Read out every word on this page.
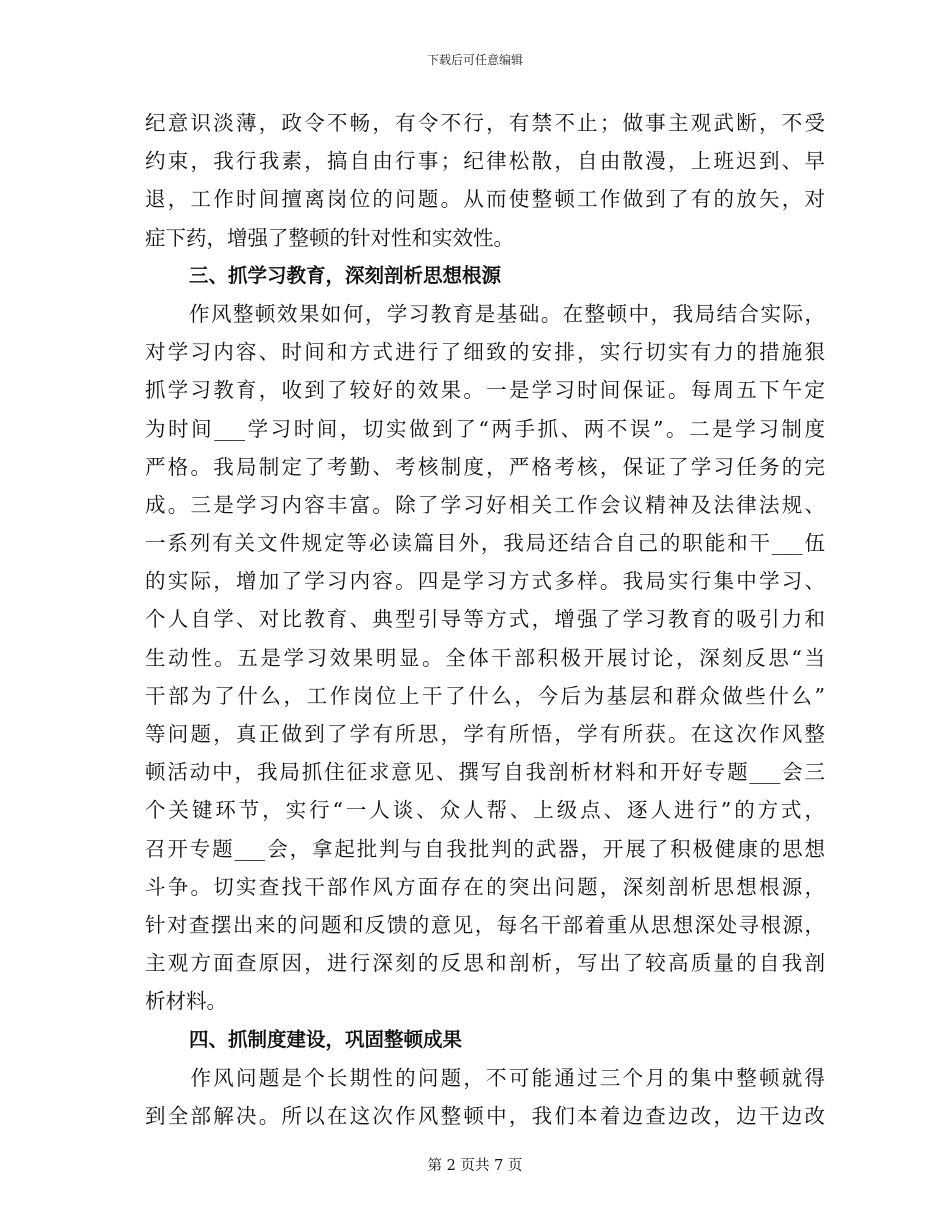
下载后可任意编辑
纪意识淡薄，政令不畅，有令不行，有禁不止；做事主观武断，不受
约束，我行我素，搞自由行事；纪律松散，自由散漫，上班迟到、早
退，工作时间擅离岗位的问题。从而使整顿工作做到了有的放矢，对
症下药，增强了整顿的针对性和实效性。
三、抓学习教育，深刻剖析思想根源
　　作风整顿效果如何，学习教育是基础。在整顿中，我局结合实际，
对学习内容、时间和方式进行了细致的安排，实行切实有力的措施狠
抓学习教育，收到了较好的效果。一是学习时间保证。每周五下午定
为时间___学习时间，切实做到了“两手抓、两不误”。二是学习制度
严格。我局制定了考勤、考核制度，严格考核，保证了学习任务的完
成。三是学习内容丰富。除了学习好相关工作会议精神及法律法规、
一系列有关文件规定等必读篇目外，我局还结合自己的职能和干___伍
的实际，增加了学习内容。四是学习方式多样。我局实行集中学习、
个人自学、对比教育、典型引导等方式，增强了学习教育的吸引力和
生动性。五是学习效果明显。全体干部积极开展讨论，深刻反思“当
干部为了什么，工作岗位上干了什么，今后为基层和群众做些什么”
等问题，真正做到了学有所思，学有所悟，学有所获。在这次作风整
顿活动中，我局抓住征求意见、撰写自我剖析材料和开好专题___会三
个关键环节，实行“一人谈、众人帮、上级点、逐人进行”的方式，
召开专题___会，拿起批判与自我批判的武器，开展了积极健康的思想
斗争。切实查找干部作风方面存在的突出问题，深刻剖析思想根源，
针对查摆出来的问题和反馈的意见，每名干部着重从思想深处寻根源，
主观方面查原因，进行深刻的反思和剖析，写出了较高质量的自我剖
析材料。
四、抓制度建设，巩固整顿成果
　　作风问题是个长期性的问题，不可能通过三个月的集中整顿就得
到全部解决。所以在这次作风整顿中，我们本着边查边改，边干边改
第 2 页共 7 页
